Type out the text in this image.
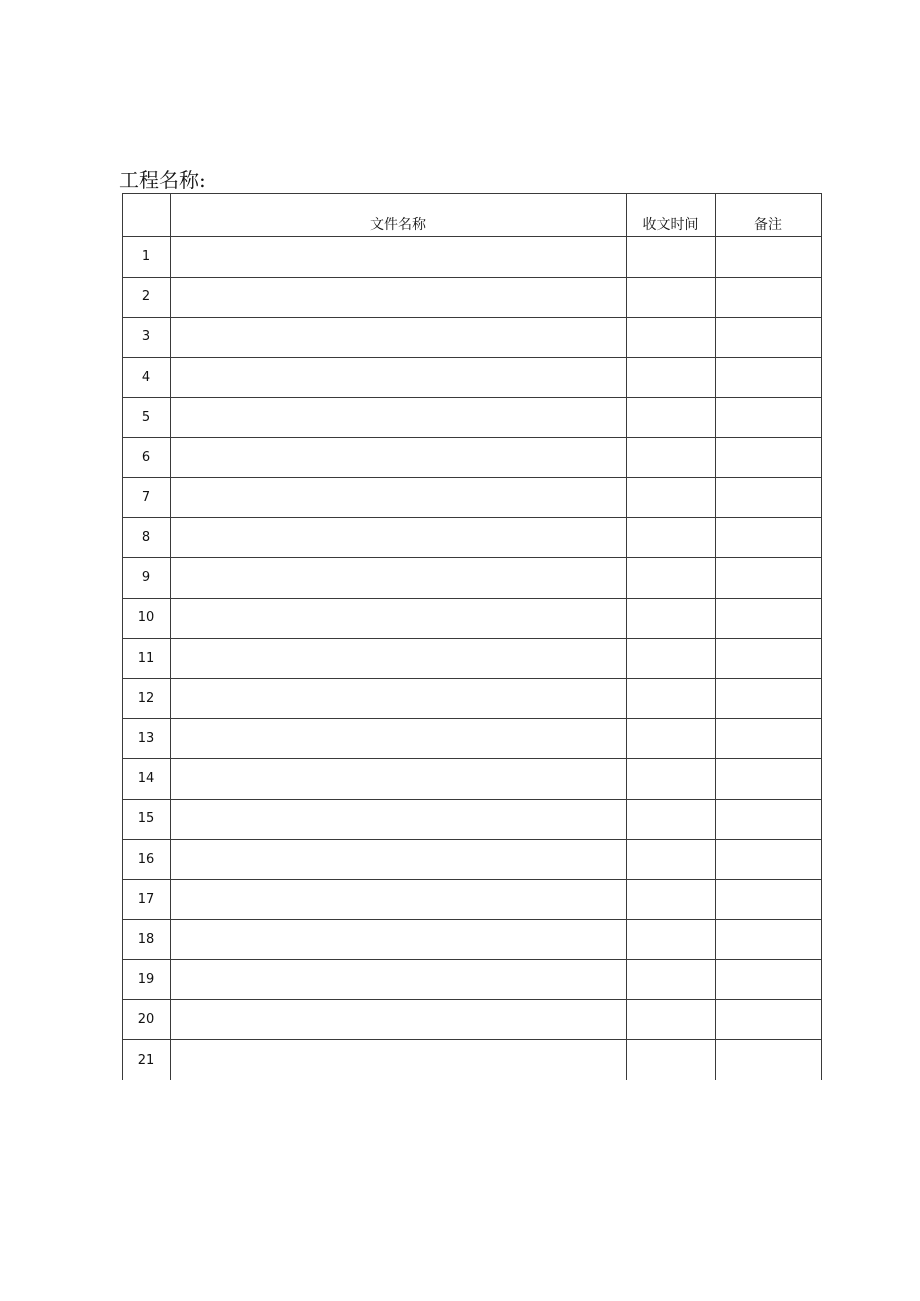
工程名称:
文件名称	收文时间	备注
1
2
3
4
5
6
7
8
9
10
11
12
13
14
15
16
17
18
19
20
21
